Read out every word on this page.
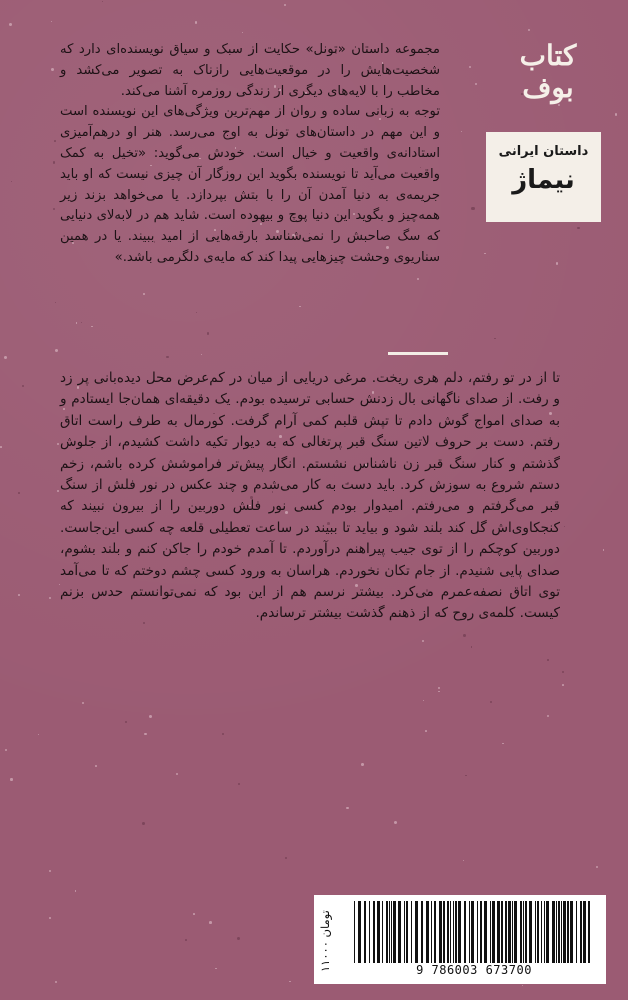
کتاب
بوف
داستان ایرانی
نیماژ

مجموعه داستان «تونل» حکایت از سبک و سیاق نویسنده‌ای دارد که شخصیت‌هایش را در موقعیت‌هایی رازناک به تصویر می‌کشد و مخاطب را با لایه‌های دیگری از زندگی روزمره آشنا می‌کند.

توجه به زبانی ساده و روان از مهم‌ترین ویژگی‌های این نویسنده است و این مهم در داستان‌های تونل به اوج می‌رسد. هنر او درهم‌آمیزی استادانه‌ی واقعیت و خیال است. خودش می‌گوید: «تخیل به کمک واقعیت می‌آید تا نویسنده بگوید این روزگار آن چیزی نیست که او باید جریمه‌ی به دنیا آمدن آن را با بتش بپردازد. یا می‌خواهد بزند زیر همه‌چیز و بگوید این دنیا پوچ و بیهوده است. شاید هم در لابه‌لای دنیایی که سگ صاحبش را نمی‌شناسد بارقه‌هایی از امید ببیند. یا در همین سناریوی وحشت چیزهایی پیدا کند که مایه‌ی دلگرمی باشد.»

تا از در تو رفتم، دلم هری ریخت. مرغی دریایی از میان در کم‌عرض محل دیده‌بانی پر زد و رفت. از صدای ناگهانی بال زدنش حسابی ترسیده بودم. یک دقیقه‌ای همان‌جا ایستادم و به صدای امواج گوش دادم تا تپش قلبم کمی آرام گرفت. کورمال به طرف راست اتاق رفتم. دست بر حروف لاتین سنگ قبر پرتغالی که به دیوار تکیه داشت کشیدم، از جلوش گذشتم و کنار سنگ قبر زن ناشناس نشستم. انگار پیش‌تر فراموشش کرده باشم، زخم دستم شروع به سوزش کرد. باید دست به کار می‌شدم و چند عکس در نور فلش از سنگ قبر می‌گرفتم و می‌رفتم. امیدوار بودم کسی نور فلش دوربین را از بیرون نبیند که کنجکاوی‌اش گل کند بلند شود و بیاید تا ببیند در ساعت تعطیلی قلعه چه کسی این‌جاست. دوربین کوچکم را از توی جیب پیراهنم درآوردم. تا آمدم خودم را جاکن کنم و بلند بشوم، صدای پایی شنیدم. از جام تکان نخوردم. هراسان به ورود کسی چشم دوختم که تا می‌آمد توی اتاق نصفه‌عمرم می‌کرد. بیشتر نرسم هم از این بود که نمی‌توانستم حدس بزنم کیست. کلمه‌ی روح که از ذهنم گذشت بیشتر ترساندم.

۱۱۰۰۰ تومان
9 786003 673700
